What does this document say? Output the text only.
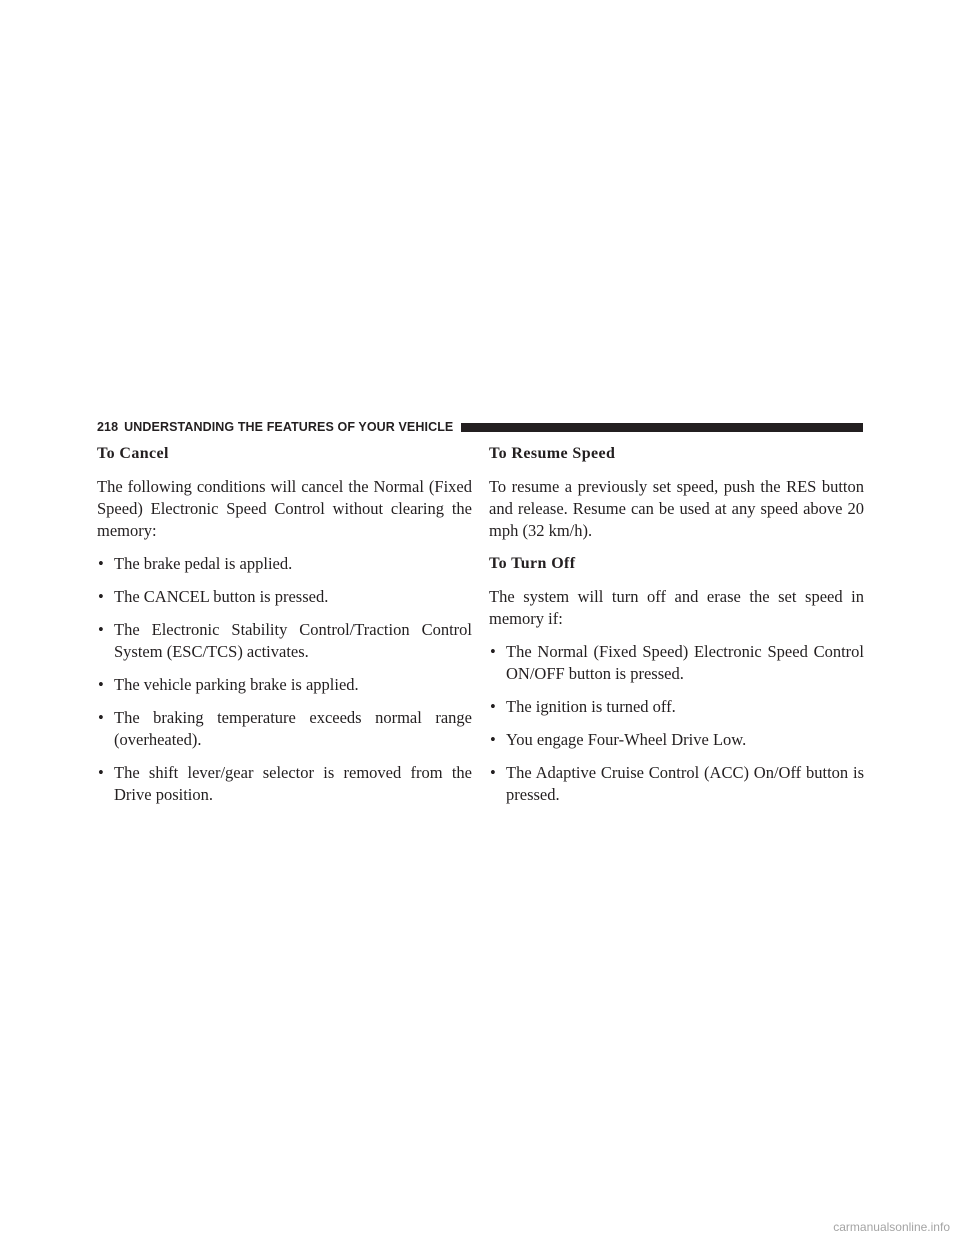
218 UNDERSTANDING THE FEATURES OF YOUR VEHICLE
To Cancel

The following conditions will cancel the Normal (Fixed Speed) Electronic Speed Control without clearing the memory:

• The brake pedal is applied.
• The CANCEL button is pressed.
• The Electronic Stability Control/Traction Control System (ESC/TCS) activates.
• The vehicle parking brake is applied.
• The braking temperature exceeds normal range (overheated).
• The shift lever/gear selector is removed from the Drive position.
To Resume Speed

To resume a previously set speed, push the RES button and release. Resume can be used at any speed above 20 mph (32 km/h).

To Turn Off

The system will turn off and erase the set speed in memory if:

• The Normal (Fixed Speed) Electronic Speed Control ON/OFF button is pressed.
• The ignition is turned off.
• You engage Four-Wheel Drive Low.
• The Adaptive Cruise Control (ACC) On/Off button is pressed.
carmanualsonline.info
